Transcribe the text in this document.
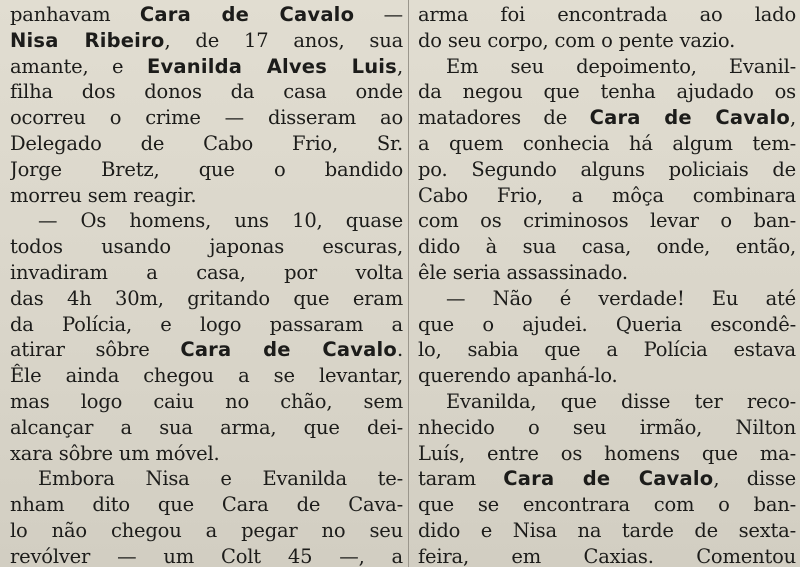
panhavam Cara de Cavalo —
Nisa Ribeiro, de 17 anos, sua
amante, e Evanilda Alves Luis,
filha dos donos da casa onde
ocorreu o crime — disseram ao
Delegado de Cabo Frio, Sr.
Jorge Bretz, que o bandido
morreu sem reagir.
— Os homens, uns 10, quase
todos usando japonas escuras,
invadiram a casa, por volta
das 4h 30m, gritando que eram
da Polícia, e logo passaram a
atirar sôbre Cara de Cavalo.
Êle ainda chegou a se levantar,
mas logo caiu no chão, sem
alcançar a sua arma, que dei-
xara sôbre um móvel.
Embora Nisa e Evanilda te-
nham dito que Cara de Cava-
lo não chegou a pegar no seu
revólver — um Colt 45 —, a
arma foi encontrada ao lado
do seu corpo, com o pente vazio.
Em seu depoimento, Evanil-
da negou que tenha ajudado os
matadores de Cara de Cavalo,
a quem conhecia há algum tem-
po. Segundo alguns policiais de
Cabo Frio, a môça combinara
com os criminosos levar o ban-
dido à sua casa, onde, então,
êle seria assassinado.
— Não é verdade! Eu até
que o ajudei. Queria escondê-
lo, sabia que a Polícia estava
querendo apanhá-lo.
Evanilda, que disse ter reco-
nhecido o seu irmão, Nilton
Luís, entre os homens que ma-
taram Cara de Cavalo, disse
que se encontrara com o ban-
dido e Nisa na tarde de sexta-
feira, em Caxias. Comentou
